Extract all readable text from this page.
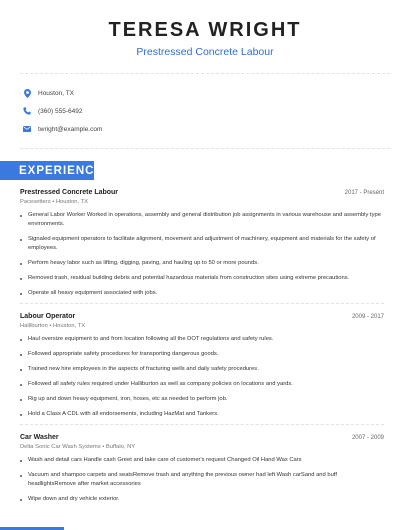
TERESA WRIGHT
Prestressed Concrete Labour
Houston, TX
(360) 555-6492
twright@example.com
EXPERIENCE
Prestressed Concrete Labour	2017 - Present
Pacesetters • Houston, TX
General Labor Worker Worked in operations, assembly and general distribution job assignments in various warehouse and assembly type environments.
Signaled equipment operators to facilitate alignment, movement and adjustment of machinery, equipment and materials for the safety of employees.
Perform heavy labor such as lifting, digging, paving, and hauling up to 50 or more pounds.
Removed trash, residual building debris and potential hazardous materials from construction sites using extreme precautions.
Operate all heavy equipment associated with jobs.
Labour Operator	2009 - 2017
Halliburton • Houston, TX
Haul oversize equipment to and from location following all the DOT regulations and safety rules.
Followed appropriate safety procedures for transporting dangerous goods.
Trained new hire employees in the aspects of fracturing wells and daily safety procedures.
Followed all safety rules required under Halliburton as well as company policies on locations and yards.
Rig up and down heavy equipment, iron, hoses, etc as needed to perform job.
Hold a Class A CDL with all endorsements, including HazMat and Tankers.
Car Washer	2007 - 2009
Delta Sonic Car Wash Systems • Buffalo, NY
Wash and detail cars Handle cash Greet and take care of customer's request Changed Oil Hand Wax Cars
Vacuum and shampoo carpets and seatsRemove trash and anything the previous owner had left Wash carSand and buff headlightsRemove after market accessories
Wipe down and dry vehicle exterior.
